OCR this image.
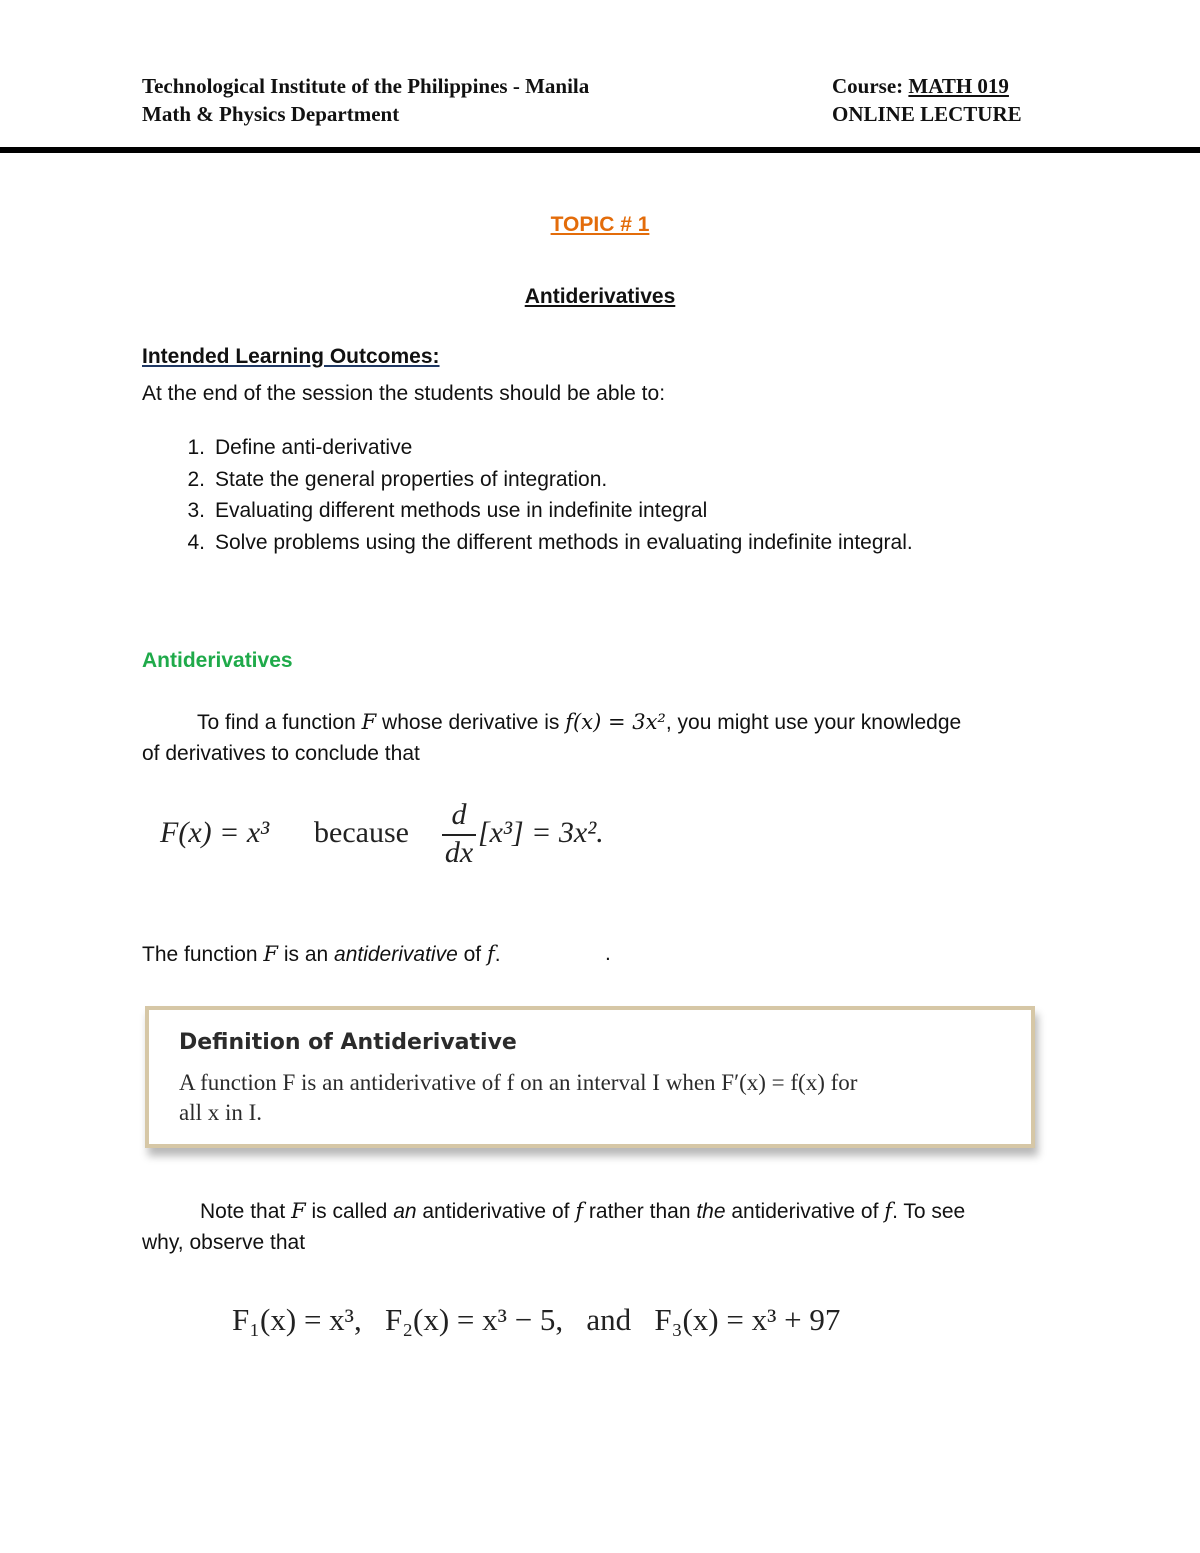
Technological Institute of the Philippines - Manila
Math & Physics Department
Course: MATH 019
ONLINE LECTURE
TOPIC # 1
Antiderivatives
Intended Learning Outcomes:
At the end of the session the students should be able to:
1. Define anti-derivative
2. State the general properties of integration.
3. Evaluating different methods use in indefinite integral
4. Solve problems using the different methods in evaluating indefinite integral.
Antiderivatives
To find a function F whose derivative is f(x) = 3x², you might use your knowledge
of derivatives to conclude that
F(x) = x³ because
d
dx
[x³] = 3x².
The function F is an antiderivative of f.	.
Definition of Antiderivative
A function F is an antiderivative of f on an interval I when F′(x) = f(x) for
all x in I.
Note that F is called an antiderivative of f rather than the antiderivative of f. To see
why, observe that
F₁(x) = x³,   F₂(x) = x³ − 5,   and   F₃(x) = x³ + 97
